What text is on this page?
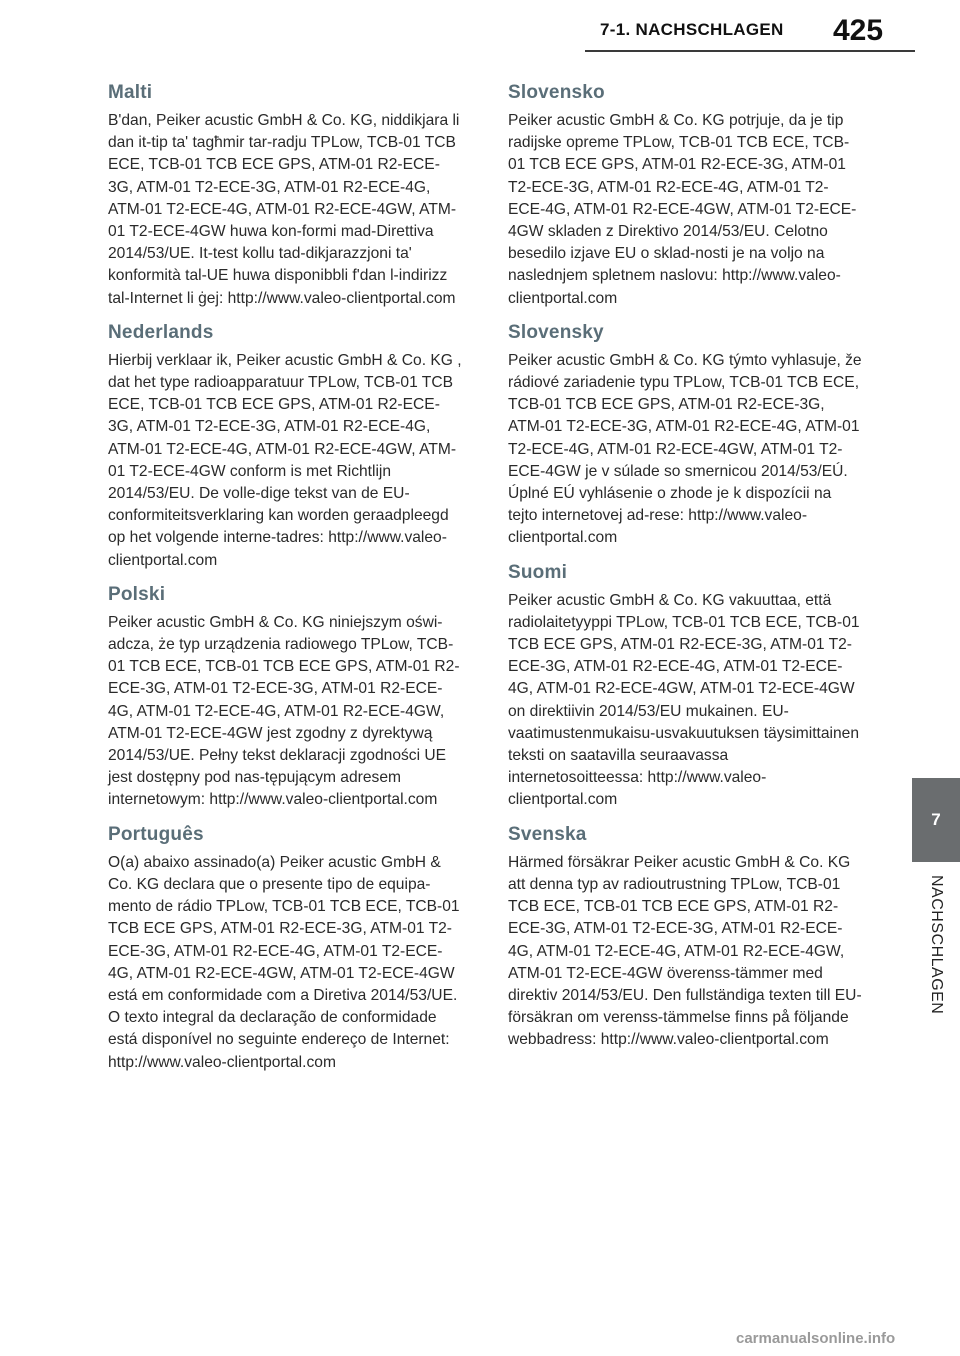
7-1. NACHSCHLAGEN 425
Malti

B'dan, Peiker acustic GmbH & Co. KG, niddikjara li dan it-tip ta' tagħmir tar-radju TPLow, TCB-01 TCB ECE, TCB-01 TCB ECE GPS, ATM-01 R2-ECE-3G, ATM-01 T2-ECE-3G, ATM-01 R2-ECE-4G, ATM-01 T2-ECE-4G, ATM-01 R2-ECE-4GW, ATM-01 T2-ECE-4GW huwa kon-formi mad-Direttiva 2014/53/UE. It-test kollu tad-dikjarazzjoni ta' konformità tal-UE huwa disponibbli f'dan l-indirizz tal-Internet li ġej: http://www.valeo-clientportal.com

Nederlands

Hierbij verklaar ik, Peiker acustic GmbH & Co. KG , dat het type radioapparatuur TPLow, TCB-01 TCB ECE, TCB-01 TCB ECE GPS, ATM-01 R2-ECE-3G, ATM-01 T2-ECE-3G, ATM-01 R2-ECE-4G, ATM-01 T2-ECE-4G, ATM-01 R2-ECE-4GW, ATM-01 T2-ECE-4GW conform is met Richtlijn 2014/53/EU. De volle-dige tekst van de EU-conformiteitsverklaring kan worden geraadpleegd op het volgende interne-tadres: http://www.valeo-clientportal.com

Polski

Peiker acustic GmbH & Co. KG niniejszym oświ-adcza, że typ urządzenia radiowego TPLow, TCB-01 TCB ECE, TCB-01 TCB ECE GPS, ATM-01 R2-ECE-3G, ATM-01 T2-ECE-3G, ATM-01 R2-ECE-4G, ATM-01 T2-ECE-4G, ATM-01 R2-ECE-4GW, ATM-01 T2-ECE-4GW jest zgodny z dyrektywą 2014/53/UE. Pełny tekst deklaracji zgodności UE jest dostępny pod nas-tępującym adresem internetowym: http://www.valeo-clientportal.com

Português

O(a) abaixo assinado(a) Peiker acustic GmbH & Co. KG declara que o presente tipo de equipa-mento de rádio TPLow, TCB-01 TCB ECE, TCB-01 TCB ECE GPS, ATM-01 R2-ECE-3G, ATM-01 T2-ECE-3G, ATM-01 R2-ECE-4G, ATM-01 T2-ECE-4G, ATM-01 R2-ECE-4GW, ATM-01 T2-ECE-4GW está em conformidade com a Diretiva 2014/53/UE. O texto integral da declaração de conformidade está disponível no seguinte endereço de Internet: http://www.valeo-clientportal.com

Slovensko

Peiker acustic GmbH & Co. KG potrjuje, da je tip radijske opreme TPLow, TCB-01 TCB ECE, TCB-01 TCB ECE GPS, ATM-01 R2-ECE-3G, ATM-01 T2-ECE-3G, ATM-01 R2-ECE-4G, ATM-01 T2-ECE-4G, ATM-01 R2-ECE-4GW, ATM-01 T2-ECE-4GW skladen z Direktivo 2014/53/EU. Celotno besedilo izjave EU o sklad-nosti je na voljo na naslednjem spletnem naslovu: http://www.valeo-clientportal.com

Slovensky

Peiker acustic GmbH & Co. KG týmto vyhlasuje, že rádiové zariadenie typu TPLow, TCB-01 TCB ECE, TCB-01 TCB ECE GPS, ATM-01 R2-ECE-3G, ATM-01 T2-ECE-3G, ATM-01 R2-ECE-4G, ATM-01 T2-ECE-4G, ATM-01 R2-ECE-4GW, ATM-01 T2-ECE-4GW je v súlade so smernicou 2014/53/EÚ. Úplné EÚ vyhlásenie o zhode je k dispozícii na tejto internetovej ad-rese: http://www.valeo-clientportal.com

Suomi

Peiker acustic GmbH & Co. KG vakuuttaa, että radiolaitetyyppi TPLow, TCB-01 TCB ECE, TCB-01 TCB ECE GPS, ATM-01 R2-ECE-3G, ATM-01 T2-ECE-3G, ATM-01 R2-ECE-4G, ATM-01 T2-ECE-4G, ATM-01 R2-ECE-4GW, ATM-01 T2-ECE-4GW on direktiivin 2014/53/EU mukainen. EU-vaatimustenmukaisu-usvakuutuksen täysimittainen teksti on saatavilla seuraavassa internetosoitteessa: http://www.valeo-clientportal.com

Svenska

Härmed försäkrar Peiker acustic GmbH & Co. KG att denna typ av radioutrustning TPLow, TCB-01 TCB ECE, TCB-01 TCB ECE GPS, ATM-01 R2-ECE-3G, ATM-01 T2-ECE-3G, ATM-01 R2-ECE-4G, ATM-01 T2-ECE-4G, ATM-01 R2-ECE-4GW, ATM-01 T2-ECE-4GW överenss-tämmer med direktiv 2014/53/EU. Den fullständiga texten till EU-försäkran om verenss-tämmelse finns på följande webbadress: http://www.valeo-clientportal.com

7
NACHSCHLAGEN
carmanualsonline.info
